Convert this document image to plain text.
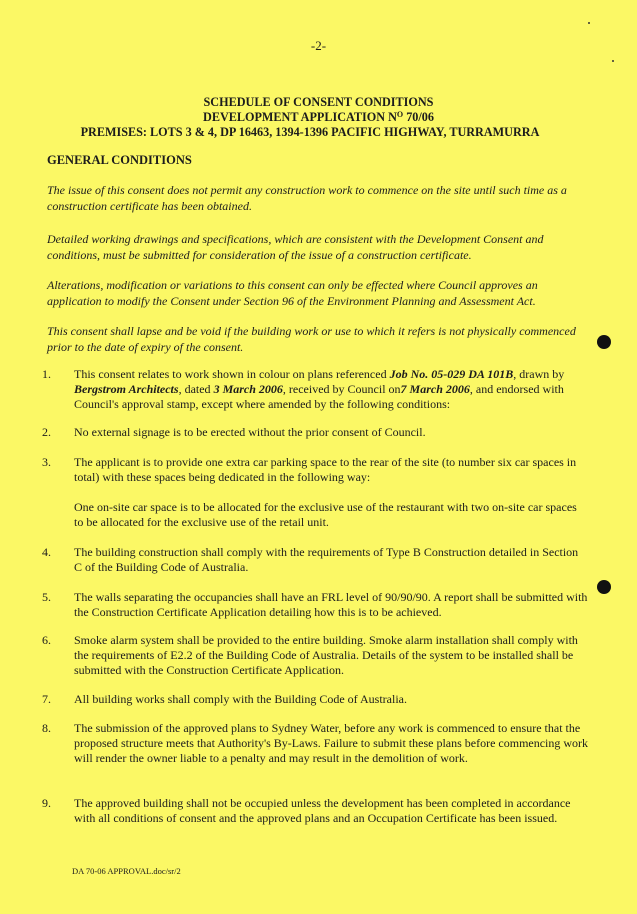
-2-
SCHEDULE OF CONSENT CONDITIONS
DEVELOPMENT APPLICATION $N^O$ 70/06
PREMISES: LOTS 3 & 4, DP 16463, 1394-1396 PACIFIC HIGHWAY, TURRAMURRA
GENERAL CONDITIONS
The issue of this consent does not permit any construction work to commence on the site until such time as a construction certificate has been obtained.
Detailed working drawings and specifications, which are consistent with the Development Consent and conditions, must be submitted for consideration of the issue of a construction certificate.
Alterations, modification or variations to this consent can only be effected where Council approves an application to modify the Consent under Section 96 of the Environment Planning and Assessment Act.
This consent shall lapse and be void if the building work or use to which it refers is not physically commenced prior to the date of expiry of the consent.
1. This consent relates to work shown in colour on plans referenced Job No. 05-029 DA 101B, drawn by Bergstrom Architects, dated 3 March 2006, received by Council on7 March 2006, and endorsed with Council's approval stamp, except where amended by the following conditions:
2. No external signage is to be erected without the prior consent of Council.
3. The applicant is to provide one extra car parking space to the rear of the site (to number six car spaces in total) with these spaces being dedicated in the following way:
One on-site car space is to be allocated for the exclusive use of the restaurant with two on-site car spaces to be allocated for the exclusive use of the retail unit.
4. The building construction shall comply with the requirements of Type B Construction detailed in Section C of the Building Code of Australia.
5. The walls separating the occupancies shall have an FRL level of 90/90/90. A report shall be submitted with the Construction Certificate Application detailing how this is to be achieved.
6. Smoke alarm system shall be provided to the entire building. Smoke alarm installation shall comply with the requirements of E2.2 of the Building Code of Australia. Details of the system to be installed shall be submitted with the Construction Certificate Application.
7. All building works shall comply with the Building Code of Australia.
8. The submission of the approved plans to Sydney Water, before any work is commenced to ensure that the proposed structure meets that Authority's By-Laws. Failure to submit these plans before commencing work will render the owner liable to a penalty and may result in the demolition of work.
9. The approved building shall not be occupied unless the development has been completed in accordance with all conditions of consent and the approved plans and an Occupation Certificate has been issued.
DA 70-06 APPROVAL.doc/sr/2
